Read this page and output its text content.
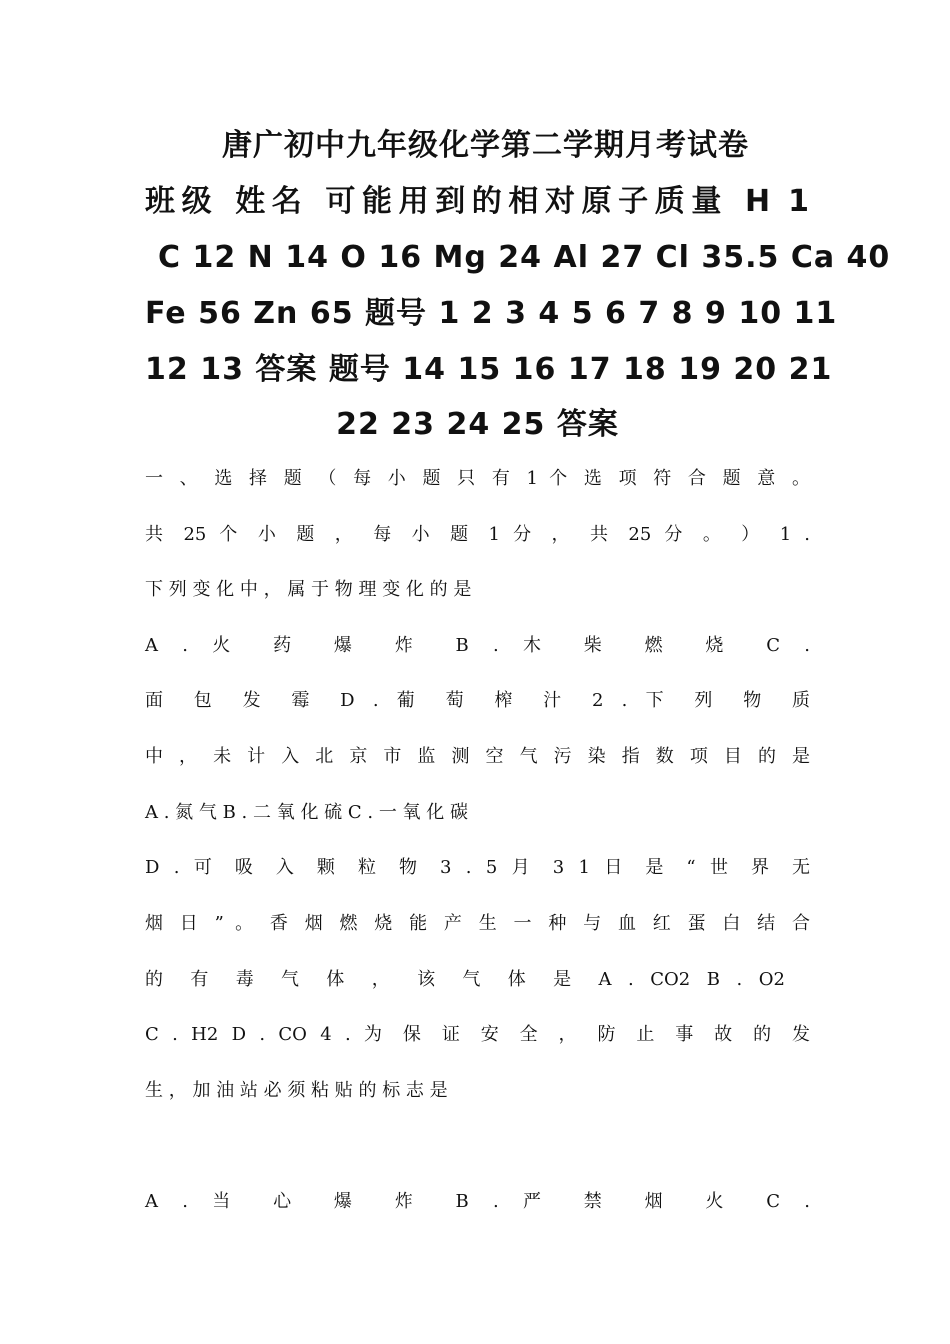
唐广初中九年级化学第二学期月考试卷
班级 姓名 可能用到的相对原子质量 H 1
C 12 N 14 O 16 Mg 24 Al 27 Cl 35.5 Ca 40
Fe 56 Zn 65 题号 1 2 3 4 5 6 7 8 9 10 11
12 13 答案 题号 14 15 16 17 18 19 20 21
22 23 24 25 答案
一 、 选 择 题 （ 每 小 题 只 有 1 个 选 项 符 合 题 意 。
共 25 个 小 题 ， 每 小 题 1 分 ， 共 25 分 。 ） 1 .
下 列 变 化 中 ， 属 于 物 理 变 化 的 是
A . 火 药 爆 炸 B . 木 柴 燃 烧 C .
面 包 发 霉 D . 葡 萄 榨 汁 2 . 下 列 物 质
中 ， 未 计 入 北 京 市 监 测 空 气 污 染 指 数 项 目 的 是
A . 氮 气 B . 二 氧 化 硫 C . 一 氧 化 碳
D . 可 吸 入 颗 粒 物 3 . 5 月 3 1 日 是 “ 世 界 无
烟 日 ” 。 香 烟 燃 烧 能 产 生 一 种 与 血 红 蛋 白 结 合
的 有 毒 气 体 ， 该 气 体 是 A . CO2 B . O2
C . H2 D . CO 4 . 为 保 证 安 全 ， 防 止 事 故 的 发
生 ， 加 油 站 必 须 粘 贴 的 标 志 是
A . 当 心 爆 炸 B . 严 禁 烟 火 C .
